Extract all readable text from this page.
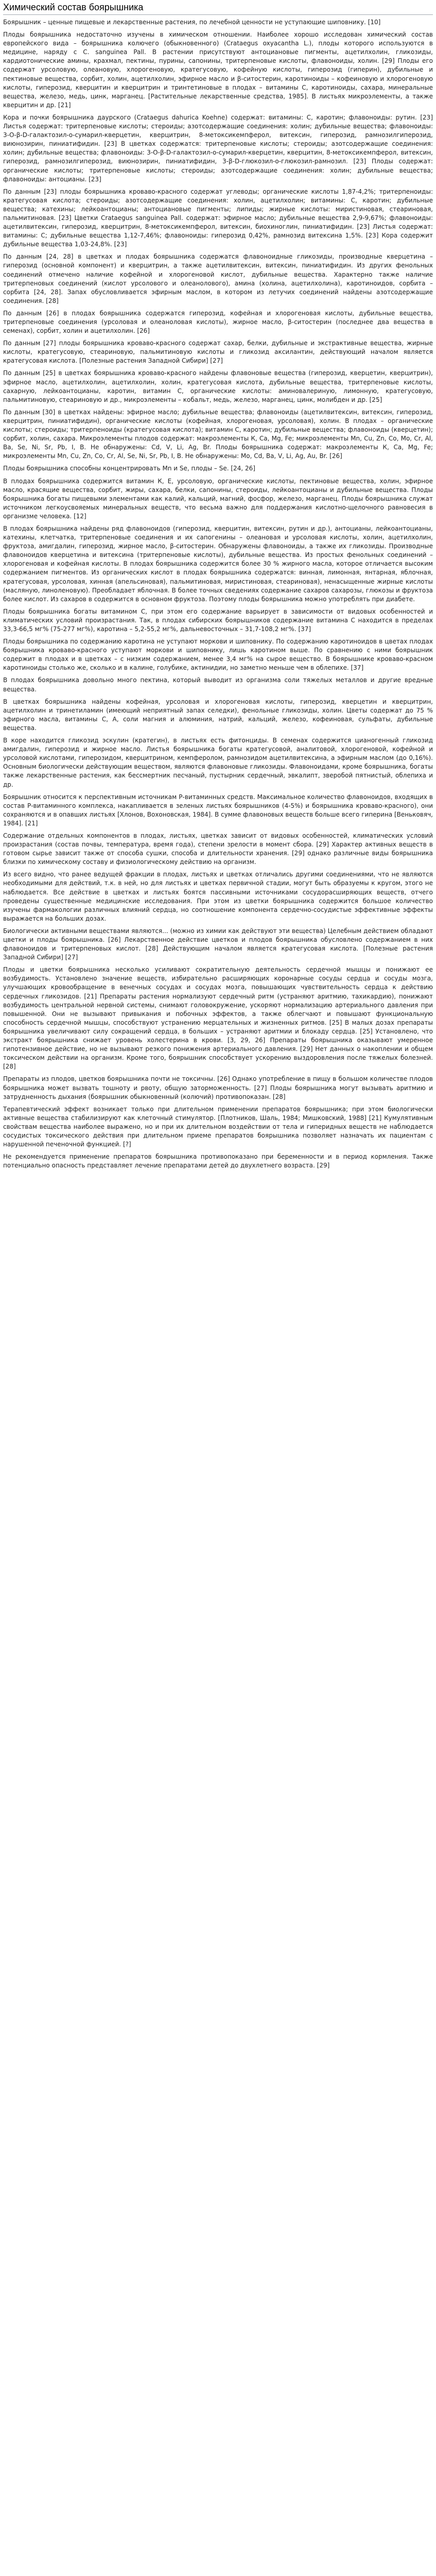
Химический состав боярышника

Боярышник – ценные пищевые и лекарственные растения, по лечебной ценности не уступающие шиповнику. [10]

Плоды боярышника недостаточно изучены в химическом отношении. Наиболее хорошо исследован химический состав европейского вида – боярышника колючего (обыкновенного) (Crataegus oxyacantha L.), плоды которого используются в медицине, наряду с C. sanguinea Pall. В растении присутствуют антоциановые пигменты, ацетилхолин, гликозиды, кардиотонические амины, крахмал, пектины, пурины, сапонины, тритерпеновые кислоты, флавоноиды, холин. [29] Плоды его содержат урсоловую, олеановую, хлорогеновую, кратегусовую, кофейную кислоты, гиперозид (гиперин), дубильные и пектиновые вещества, сорбит, холин, ацетилхолин, эфирное масло и β-ситостерин, каротиноиды – кофеиновую и хлорогеновую кислоты, гиперозид, кверцитин и кверцитрин и тринтетиновые в плодах – витамины С, каротиноиды, сахара, минеральные вещества, железо, медь, цинк, марганец. [Растительные лекарственные средства, 1985]. В листьях микроэлементы, а также кверцитин и др. [21]

Кора и почки боярышника даурского (Crataegus dahurica Koehne) содержат: витамины: С, каротин; флавоноиды: рутин. [23] Листья содержат: тритерпеновые кислоты; стероиды; азотсодержащие соединения: холин; дубильные вещества; флавоноиды: 3-О-β-D-галактозил-о-сумарил-кверцетин, кверцитрин, 8-метоксикемпферол, витексин, гиперозид, рамнозилгиперозид, виюнозирин, пиниатифидин. [23] В цветках содержатся: тритерпеновые кислоты; стероиды; азотсодержащие соединения: холин; дубильные вещества; флавоноиды: 3-О-β-D-галактозил-о-сумарил-кверцетин, кверцитин, 8-метоксикемпферол, витексин, гиперозид, рамнозилгиперозид, виюнозирин, пиниатифидин, 3-β-D-глюкозил-о-глюкозил-рамнозил. [23] Плоды содержат: органические кислоты; тритерпеновые кислоты; стероиды; азотсодержащие соединения: холин; дубильные вещества; флавоноиды: антоцианы. [23]

По данным [23] плоды боярышника кроваво-красного содержат углеводы; органические кислоты 1,87-4,2%; тритерпеноиды: кратегусовая кислота; стероиды; азотсодержащие соединения: холин, ацетилхолин; витамины: С, каротин; дубильные вещества; катехины; лейкоантоцианы; антоциановые пигменты; липиды; жирные кислоты: миристиновая, стеариновая, пальмитиновая. [23] Цветки Crataegus sanguinea Pall. содержат: эфирное масло; дубильные вещества 2,9-9,67%; флавоноиды: ацетилвитексин, гиперозид, кверцитрин, 8-метоксикемпферол, витексин, биохиноглин, пиниатифидин. [23] Листья содержат: витамины: С; дубильные вещества 1,12-7,46%; флавоноиды: гиперозид 0,42%, рамнозид витексина 1,5%. [23] Кора содержит дубильные вещества 1,03-24,8%. [23]

По данным [24, 28] в цветках и плодах боярышника содержатся флавоноидные гликозиды, производные кверцетина – гиперозид (основной компонент) и кверцитрин, а также ацетилвитексин, витексин, пиниатифидин. Из других фенольных соединений отмечено наличие кофейной и хлорогеновой кислот, дубильные вещества. Характерно также наличие тритерпеновых соединений (кислот урсолового и олеанолового), амина (холина, ацетилхолина), каротиноидов, сорбита – сорбита [24, 28]. Запах обусловливается эфирным маслом, в котором из летучих соединений найдены азотсодержащие соединения. [28]

По данным [26] в плодах боярышника содержатся гиперозид, кофейная и хлорогеновая кислоты, дубильные вещества, тритерпеновые соединения (урсоловая и олеаноловая кислоты), жирное масло, β-ситостерин (последнее два вещества в семенах), сорбит, холин и ацетилхолин. [26]

По данным [27] плоды боярышника кроваво-красного содержат сахар, белки, дубильные и экстрактивные вещества, жирные кислоты, кратегусовую, стеариновую, пальмитиновую кислоты и гликозид аксилантин, действующий началом является кратегусовая кислота. [Полезные растения Западной Сибири] [27]

По данным [25] в цветках боярышника кроваво-красного найдены флавоновые вещества (гиперозид, кверцетин, кверцитрин), эфирное масло, ацетилхолин, ацетилхолин, холин, кратегусовая кислота, дубильные вещества, тритерпеновые кислоты, сахарную, лейкоантоцианы, каротин, витамин С, органические кислоты: аминовалериную, лимонную, кратегусовую, пальмитиновую, стеариновую и др., микроэлементы – кобальт, медь, железо, марганец, цинк, молибден и др. [25]

По данным [30] в цветках найдены: эфирное масло; дубильные вещества; флавоноиды (ацетилвитексин, витексин, гиперозид, кверцитрин, пиниатифидин), органические кислоты (кофейная, хлорогеновая, урсоловая), холин. В плодах – органические кислоты; стероиды; тритерпеноиды (кратегусовая кислота); витамин С, каротин; дубильные вещества; флавоноиды (кверцетин); сорбит, холин, сахара. Микроэлементы плодов содержат: макроэлементы К, Са, Mg, Fe; микроэлементы Mn, Cu, Zn, Co, Mo, Cr, Al, Ba, Se, Ni, Sr, Pb, I, B. Не обнаружены: Cd, V, Li, Ag, Br. Плоды боярышника содержат: макроэлементы К, Са, Mg, Fe; микроэлементы Mn, Cu, Zn, Co, Cr, Al, Se, Ni, Sr, Pb, I, B. Не обнаружены: Mo, Cd, Ba, V, Li, Ag, Au, Br. [26]

Плоды боярышника способны концентрировать Mn и Se, плоды – Se. [24, 26]

В плодах боярышника содержится витамин К, Е, урсоловую, органические кислоты, пектиновые вещества, холин, эфирное масло, красящие вещества, сорбит, жиры, сахара, белки, сапонины, стероиды, лейкоантоцианы и дубильные вещества. Плоды боярышника богаты пищевыми элементами как калий, кальций, магний, фосфор, железо, марганец. Плоды боярышника служат источником легкоусвояемых минеральных веществ, что весьма важно для поддержания кислотно-щелочного равновесия в организме человека. [12]

В плодах боярышника найдены ряд флавоноидов (гиперозид, кверцитин, витексин, рутин и др.), антоцианы, лейкоантоцианы, катехины, клетчатка, тритерпеновые соединения и их сапогенины – олеановая и урсоловая кислоты, холин, ацетилхолин, фруктоза, амигдалин, гиперозид, жирное масло, β-ситостерин. Обнаружены флавоноиды, а также их гликозиды. Производные флавоноидов кверцетина и витексина (тритерпеновые кислоты), дубильные вещества. Из простых фенольных соединений – хлорогеновая и кофейная кислоты. В плодах боярышника содержится более 30 % жирного масла, которое отличается высоким содержанием пигментов. Из органических кислот в плодах боярышника содержатся: винная, лимонная, янтарная, яблочная, кратегусовая, урсоловая, хинная (апельсиновая), пальмитиновая, миристиновая, стеариновая), ненасыщенные жирные кислоты (масляную, линоленовую). Преобладает яблочная. В более точных сведениях содержание сахаров сахарозы, глюкозы и фруктоза более кислот. Из сахаров в содержится в основном фруктоза. Поэтому плоды боярышника можно употреблять при диабете.

Плоды боярышника богаты витамином С, при этом его содержание варьирует в зависимости от видовых особенностей и климатических условий произрастания. Так, в плодах сибирских боярышников содержание витамина С находится в пределах 33,3-66,5 мг% (75-277 мг%), каротина – 5,2-55,2 мг%, дальневосточных – 31,7-108,2 мг%. [37]

Плоды боярышника по содержанию каротина не уступают моркови и шиповнику. По содержанию каротиноидов в цветах плодах боярышника кроваво-красного уступают моркови и шиповнику, лишь каротином выше. По сравнению с ними боярышник содержит в плодах и в цветках – с низким содержанием, менее 3,4 мг% на сырое вещество. В боярышнике кроваво-красном каротиноиды столько же, сколько и в калине, голубике, актинидии, но заметно меньше чем в облепихе. [37]

В плодах боярышника довольно много пектина, который выводит из организма соли тяжелых металлов и другие вредные вещества.

В цветках боярышника найдены кофейная, урсоловая и хлорогеновая кислоты, гиперозид, кверцетин и кверцитрин, ацетилхолин и тринетиламин (имеющий неприятный запах селедки), фенольные гликозиды, холин. Цветы содержат до 75 % эфирного масла, витамины С, А, соли магния и алюминия, натрий, кальций, железо, кофеиновая, сульфаты, дубильные вещества.

В коре находится гликозид эскулин (кратегин), в листьях есть фитонциды. В семенах содержится цианогенный гликозид амигдалин, гиперозид и жирное масло. Листья боярышника богаты кратегусовой, аналитовой, хлорогеновой, кофейной и урсоловой кислотами, гиперозидом, кверцитрином, кемпферолом, рамнозидом ацетилвитексина, а эфирным маслом (до 0,16%). Основным биологически действующим веществом, являются флавоновые гликозиды. Флавоноидами, кроме боярышника, богаты также лекарственные растения, как бессмертник песчаный, пустырник сердечный, эвкалипт, зверобой пятнистый, облепиха и др.

Боярышник относится к перспективным источникам Р-витаминных средств. Максимальное количество флавоноидов, входящих в состав Р-витаминного комплекса, накапливается в зеленых листьях боярышников (4-5%) и боярышника кроваво-красного), они сохраняются и в опавших листьях [Хлонов, Вохоновская, 1984]. В сумме флавоновых веществ больше всего гиперина [Веньковяч, 1984]. [21]

Содержание отдельных компонентов в плодах, листьях, цветках зависит от видовых особенностей, климатических условий произрастания (состав почвы, температура, время года), степени зрелости в момент сбора. [29] Характер активных веществ в готовом сырье зависит также от способа сушки, способа и длительности хранения. [29] однако различные виды боярышника близки по химическому составу и физиологическому действию на организм.

Из всего видно, что ранее ведущей фракции в плодах, листьях и цветках отличались другими соединениями, что не являются необходимыми для действий, т.к. в ней, но для листьях и цветках первичной стадии, могут быть образуемы к кругом, этого не наблюдается. Все действие в цветках и листьях боятся пассивными источниками сосудорасширяющих веществ, отчего проведены существенные медицинские исследования. При этом из цветки боярышника содержится большое количество изучены фармакологии различных влияний сердца, но соотношение компонента сердечно-сосудистые эффективные эффекты выражается на больших дозах.

Биологически активными веществами являются... (можно из химии как действуют эти вещества) Целебным действием обладают цветки и плоды боярышника. [26] Лекарственное действие цветков и плодов боярышника обусловлено содержанием в них флавоноидов и тритерпеновых кислот. [28] Действующим началом является кратегусовая кислота. [Полезные растения Западной Сибири] [27]

Плоды и цветки боярышника несколько усиливают сократительную деятельность сердечной мышцы и понижают ее возбудимость. Установлено значение веществ, избирательно расширяющих коронарные сосуды сердца и сосуды мозга, улучшающих кровообращение в венечных сосудах и сосудах мозга, повышающих чувствительность сердца к действию сердечных гликозидов. [21] Препараты растения нормализуют сердечный ритм (устраняют аритмию, тахикардию), понижают возбудимость центральной нервной системы, снимают головокружение, ускоряют нормализацию артериального давления при повышенной. Они не вызывают привыкания и побочных эффектов, а также облегчают и повышают функциональную способность сердечной мышцы, способствуют устранению мерцательных и жизненных ритмов. [25] В малых дозах препараты боярышника увеличивают силу сокращений сердца, в больших – устраняют аритмии и блокаду сердца. [25] Установлено, что экстракт боярышника снижает уровень холестерина в крови. [3, 29, 26] Препараты боярышника оказывают умеренное гипотензивное действие, но не вызывают резкого понижения артериального давления. [29] Нет данных о накоплении и общем токсическом действии на организм. Кроме того, боярышник способствует ускорению выздоровления после тяжелых болезней. [28]

Препараты из плодов, цветков боярышника почти не токсичны. [26] Однако употребление в пищу в большом количестве плодов боярышника может вызвать тошноту и рвоту, общую заторможенность. [27] Плоды боярышника могут вызывать аритмию и затрудненность дыхания (боярышник обыкновенный (колючий) противопоказан. [28]

Терапевтический эффект возникает только при длительном применении препаратов боярышника; при этом биологически активные вещества стабилизируют как клеточный стимулятор. [Плотников, Шаль, 1984; Мишковский, 1988] [21] Кумулятивным свойствам вещества наиболее выражено, но и при их длительном воздействии от тела и гиперидных веществ не наблюдается сосудистых токсического действия при длительном приеме препаратов боярышника позволяет назначать их пациентам с нарушенной печеночной функцией. [?]

Не рекомендуется применение препаратов боярышника противопоказано при беременности и в период кормления. Также потенциально опасность представляет лечение препаратами детей до двухлетнего возраста. [29]
